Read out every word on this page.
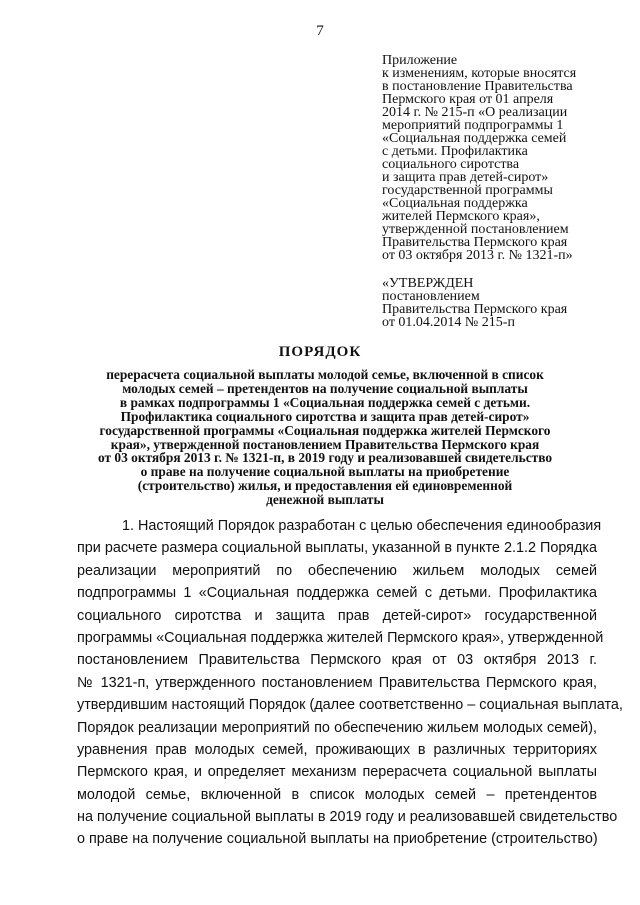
7
Приложение
к изменениям, которые вносятся
в постановление Правительства
Пермского края от 01 апреля
2014 г. № 215-п «О реализации
мероприятий подпрограммы 1
«Социальная поддержка семей
с детьми. Профилактика
социального сиротства
и защита прав детей-сирот»
государственной программы
«Социальная поддержка
жителей Пермского края»,
утвержденной постановлением
Правительства Пермского края
от 03 октября 2013 г. № 1321-п»
«УТВЕРЖДЕН
постановлением
Правительства Пермского края
от 01.04.2014 № 215-п
ПОРЯДОК
перерасчета социальной выплаты молодой семье, включенной в список
молодых семей – претендентов на получение социальной выплаты
в рамках подпрограммы 1 «Социальная поддержка семей с детьми.
Профилактика социального сиротства и защита прав детей-сирот»
государственной программы «Социальная поддержка жителей Пермского
края», утвержденной постановлением Правительства Пермского края
от 03 октября 2013 г. № 1321-п, в 2019 году и реализовавшей свидетельство
о праве на получение социальной выплаты на приобретение
(строительство) жилья, и предоставления ей единовременной
денежной выплаты
1. Настоящий Порядок разработан с целью обеспечения единообразия
при расчете размера социальной выплаты, указанной в пункте 2.1.2 Порядка
реализации мероприятий по обеспечению жильем молодых семей
подпрограммы 1 «Социальная поддержка семей с детьми. Профилактика
социального сиротства и защита прав детей-сирот» государственной
программы «Социальная поддержка жителей Пермского края», утвержденной
постановлением Правительства Пермского края от 03 октября 2013 г.
№ 1321-п, утвержденного постановлением Правительства Пермского края,
утвердившим настоящий Порядок (далее соответственно – социальная выплата,
Порядок реализации мероприятий по обеспечению жильем молодых семей),
уравнения прав молодых семей, проживающих в различных территориях
Пермского края, и определяет механизм перерасчета социальной выплаты
молодой семье, включенной в список молодых семей – претендентов
на получение социальной выплаты в 2019 году и реализовавшей свидетельство
о праве на получение социальной выплаты на приобретение (строительство)
